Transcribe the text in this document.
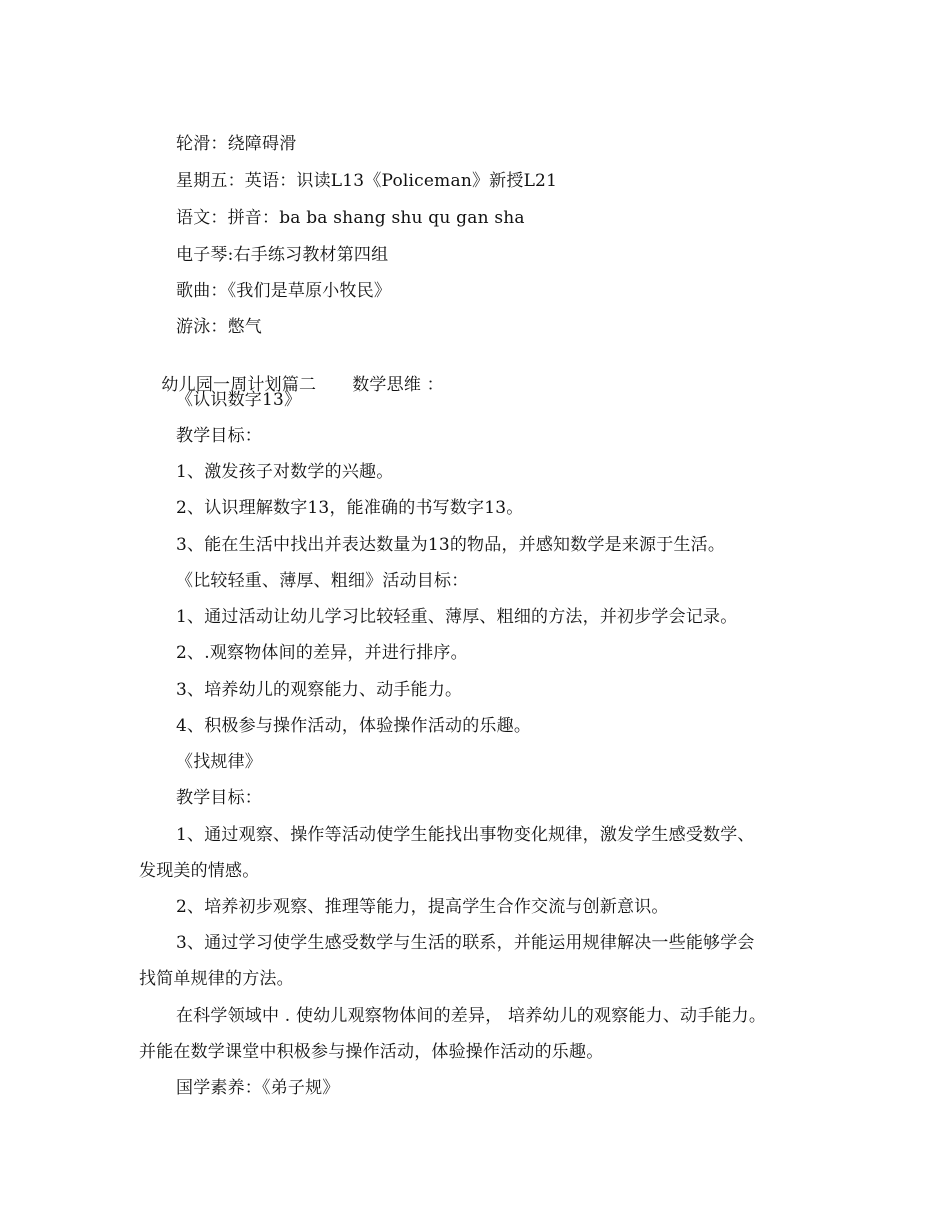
轮滑：绕障碍滑
星期五：英语：识读L13《Policeman》新授L21
语文：拼音：ba ba shang shu qu gan sha
电子琴:右手练习教材第四组
歌曲：《我们是草原小牧民》
游泳：憋气

幼儿园一周计划篇二 数学思维 ：

《认识数字13》
教学目标：
1、激发孩子对数学的兴趣。
2、认识理解数字13，能准确的书写数字13。
3、能在生活中找出并表达数量为13的物品，并感知数学是来源于生活。
《比较轻重、薄厚、粗细》活动目标：
1、通过活动让幼儿学习比较轻重、薄厚、粗细的方法，并初步学会记录。
2、.观察物体间的差异，并进行排序。
3、培养幼儿的观察能力、动手能力。
4、积极参与操作活动，体验操作活动的乐趣。
《找规律》
教学目标：
1、通过观察、操作等活动使学生能找出事物变化规律，激发学生感受数学、
发现美的情感。
2、培养初步观察、推理等能力，提高学生合作交流与创新意识。
3、通过学习使学生感受数学与生活的联系，并能运用规律解决一些能够学会
找简单规律的方法。
在科学领域中 . 使幼儿观察物体间的差异， 培养幼儿的观察能力、动手能力。
并能在数学课堂中积极参与操作活动，体验操作活动的乐趣。
国学素养：《弟子规》
